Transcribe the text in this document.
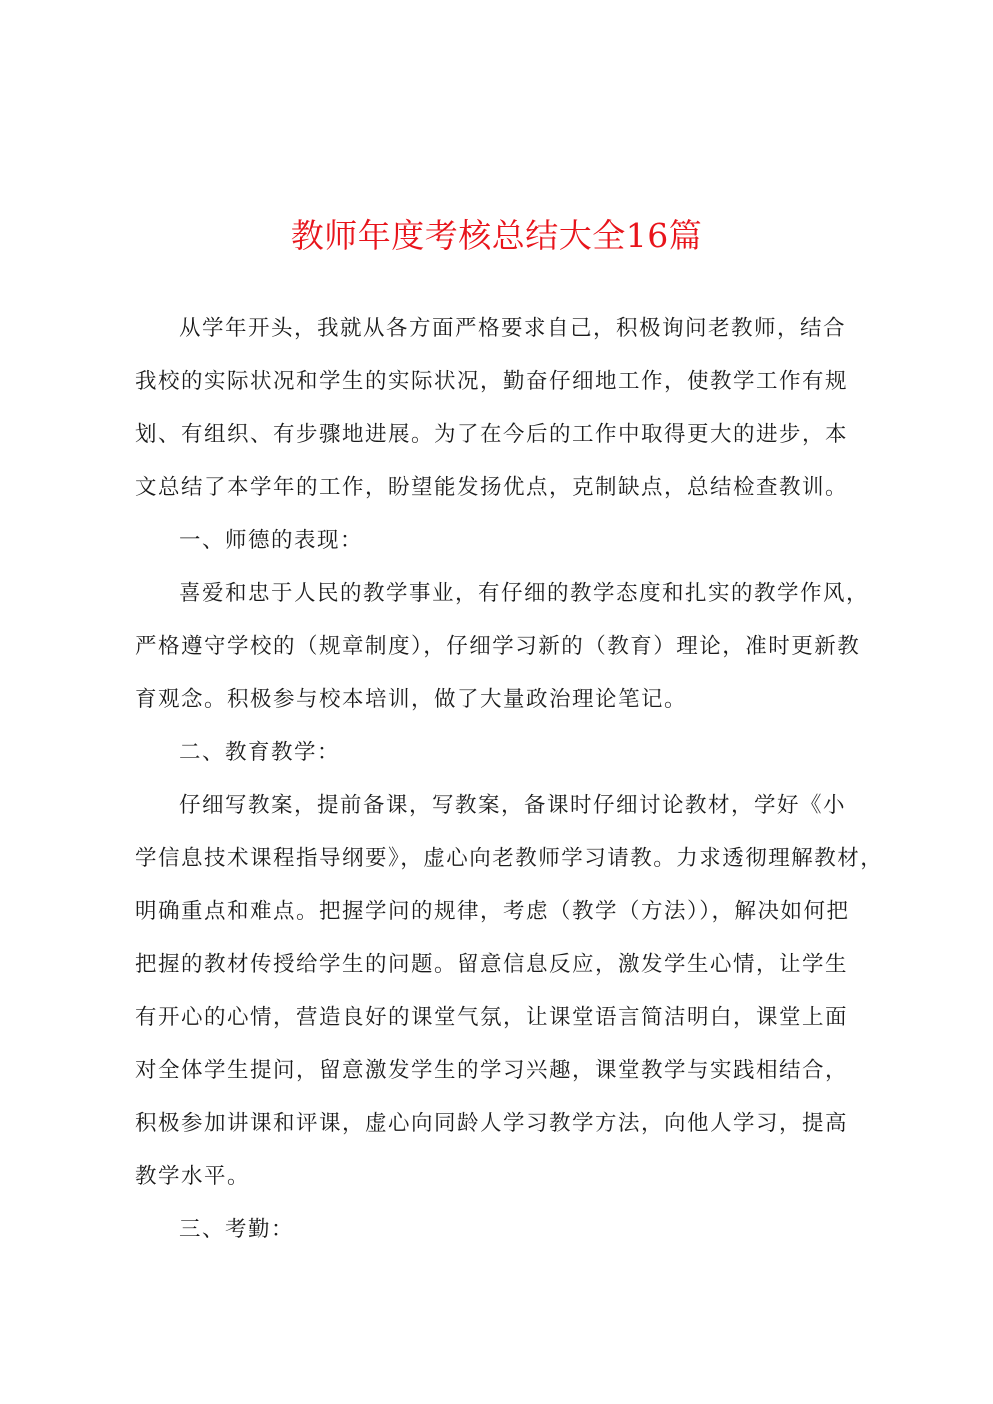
教师年度考核总结大全16篇
从学年开头，我就从各方面严格要求自己，积极询问老教师，结合
我校的实际状况和学生的实际状况，勤奋仔细地工作，使教学工作有规
划、有组织、有步骤地进展。为了在今后的工作中取得更大的进步，本
文总结了本学年的工作，盼望能发扬优点，克制缺点，总结检查教训。
一、师德的表现：
喜爱和忠于人民的教学事业，有仔细的教学态度和扎实的教学作风，
严格遵守学校的（规章制度），仔细学习新的（教育）理论，准时更新教
育观念。积极参与校本培训，做了大量政治理论笔记。
二、教育教学：
仔细写教案，提前备课，写教案，备课时仔细讨论教材，学好《小
学信息技术课程指导纲要》，虚心向老教师学习请教。力求透彻理解教材，
明确重点和难点。把握学问的规律，考虑（教学（方法）），解决如何把
把握的教材传授给学生的问题。留意信息反应，激发学生心情，让学生
有开心的心情，营造良好的课堂气氛，让课堂语言简洁明白，课堂上面
对全体学生提问，留意激发学生的学习兴趣，课堂教学与实践相结合，
积极参加讲课和评课，虚心向同龄人学习教学方法，向他人学习，提高
教学水平。
三、考勤：
